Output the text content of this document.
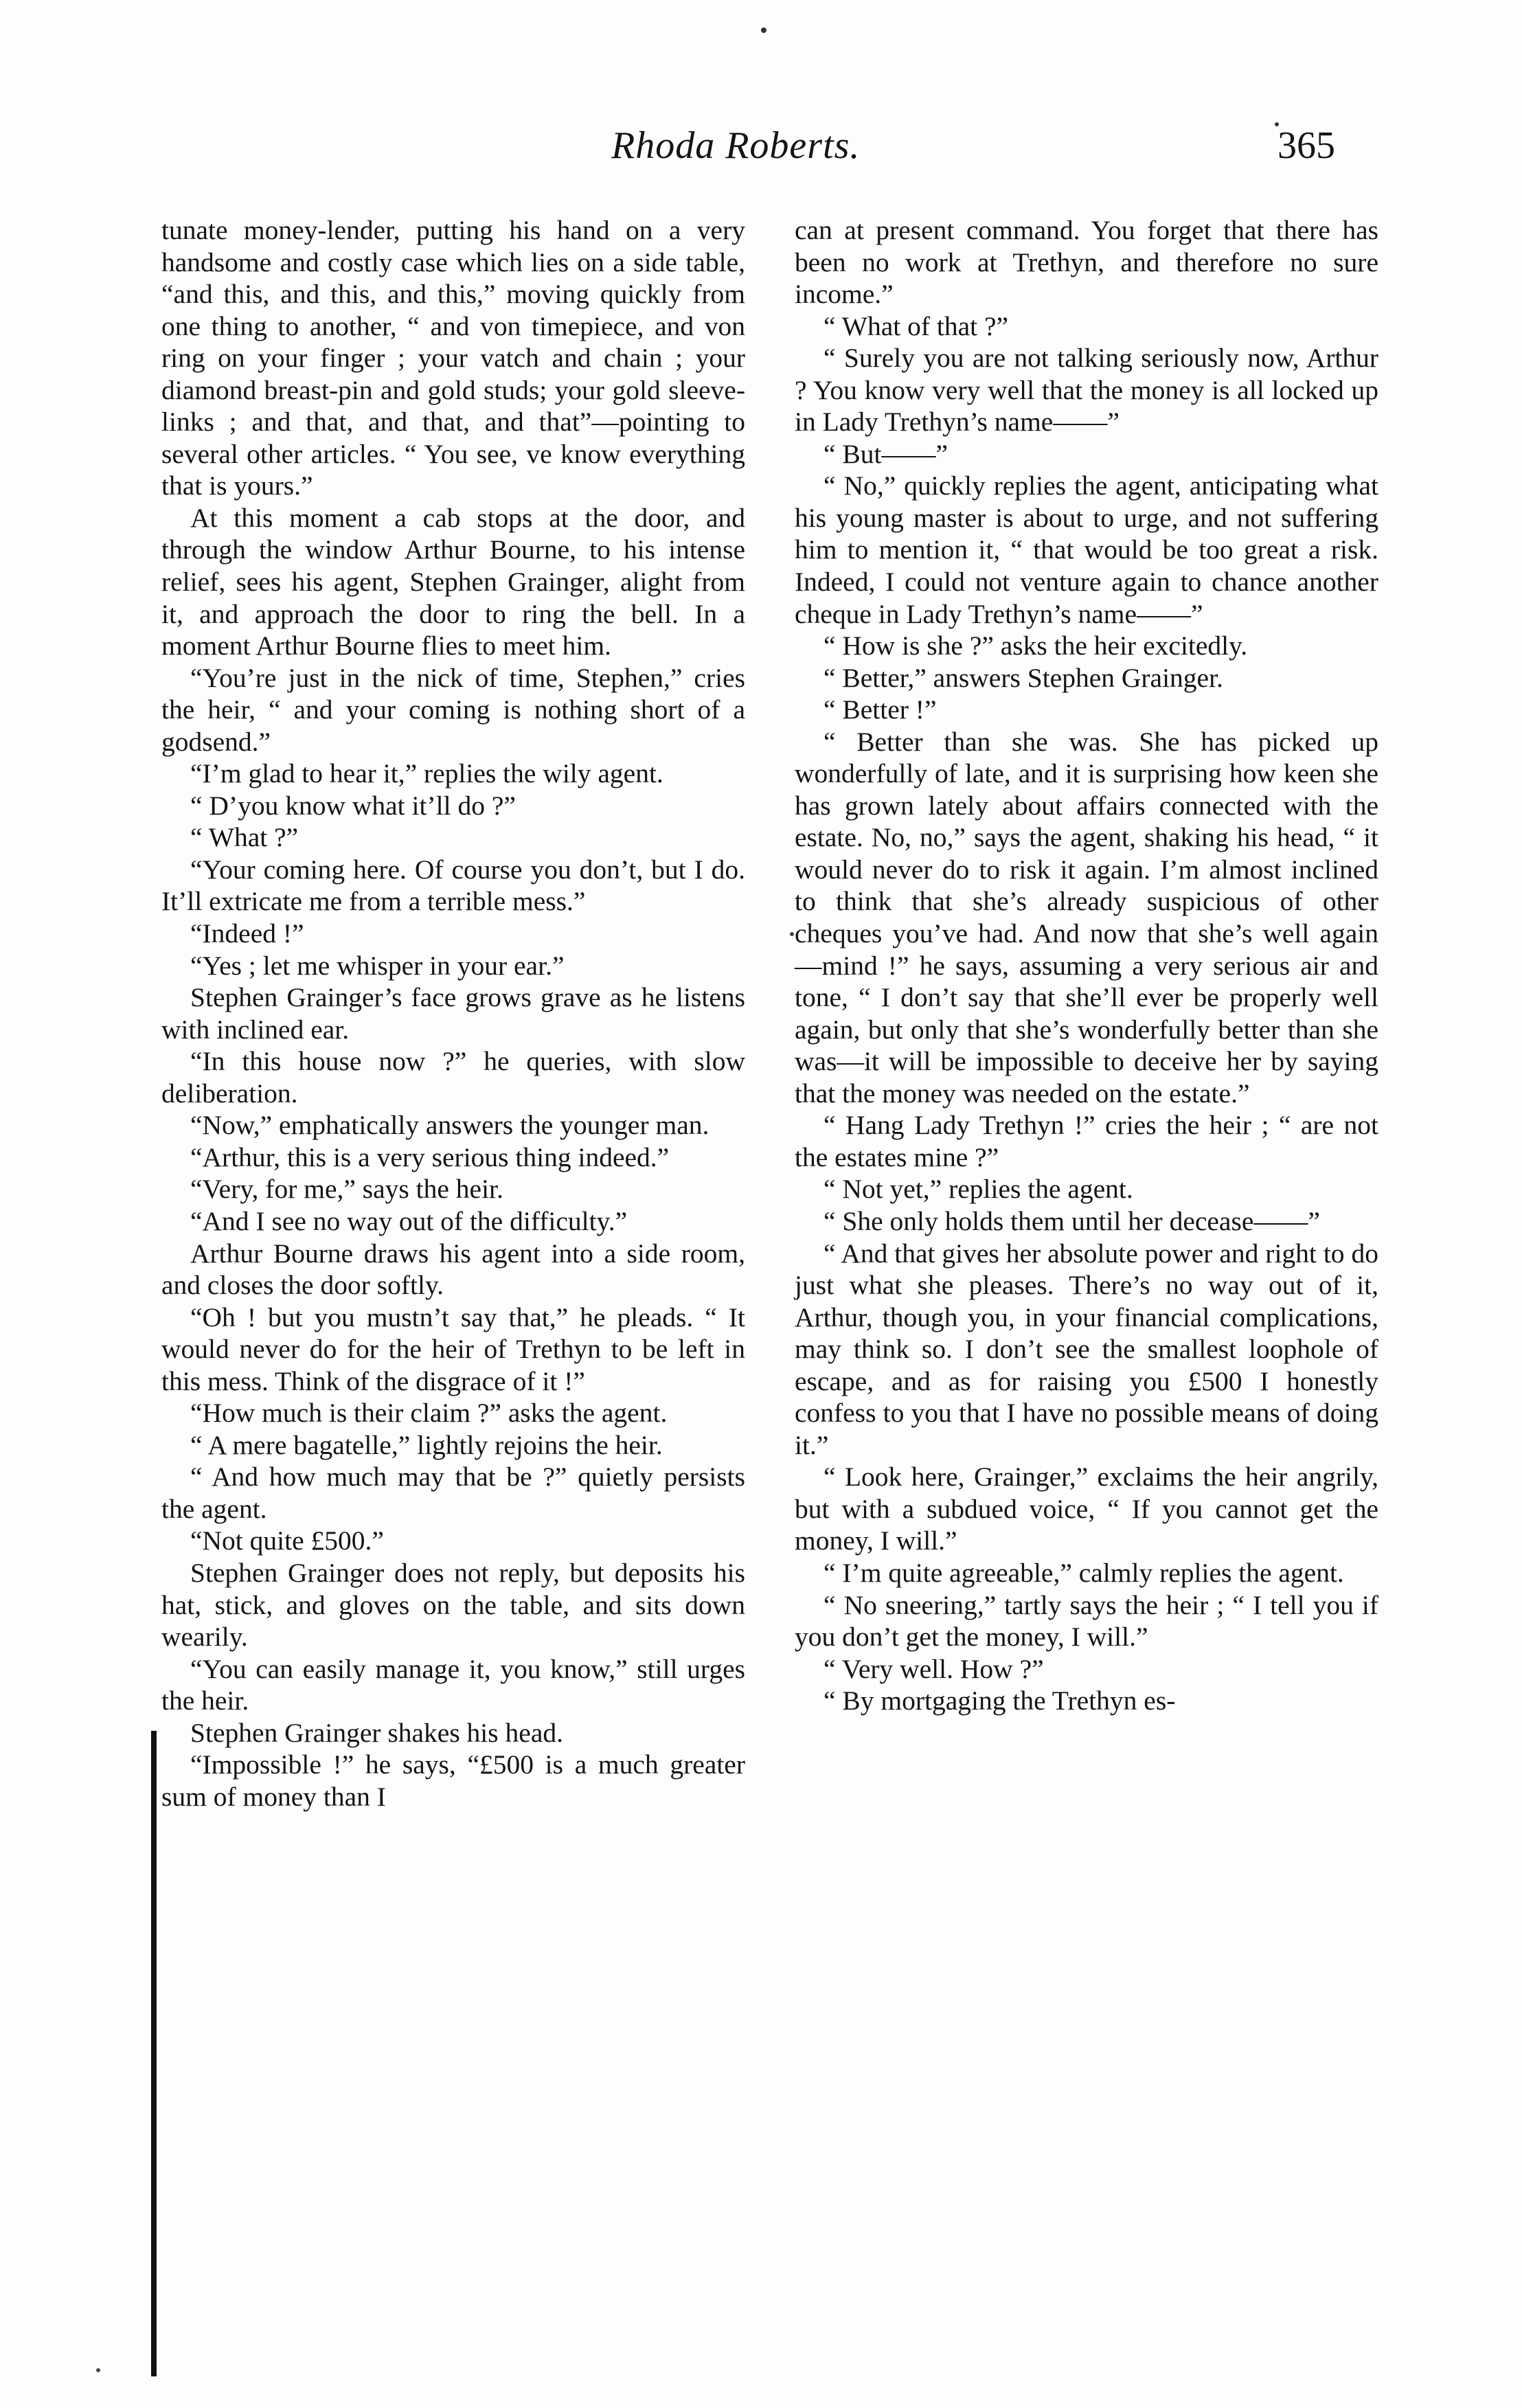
Rhoda Roberts.	365

tunate money-lender, putting his hand on a very handsome and costly case which lies on a side table, “and this, and this, and this,” moving quickly from one thing to another, “ and von timepiece, and von ring on your finger ; your vatch and chain ; your diamond breast-pin and gold studs; your gold sleeve-links ; and that, and that, and that”—pointing to several other articles. “ You see, ve know everything that is yours.”

At this moment a cab stops at the door, and through the window Arthur Bourne, to his intense relief, sees his agent, Stephen Grainger, alight from it, and approach the door to ring the bell. In a moment Arthur Bourne flies to meet him.

“You’re just in the nick of time, Stephen,” cries the heir, “ and your coming is nothing short of a godsend.”

“I’m glad to hear it,” replies the wily agent.

“ D’you know what it’ll do ?”

“ What ?”

“Your coming here. Of course you don’t, but I do. It’ll extricate me from a terrible mess.”

“Indeed !”

“Yes ; let me whisper in your ear.”

Stephen Grainger’s face grows grave as he listens with inclined ear.

“In this house now ?” he queries, with slow deliberation.

“Now,” emphatically answers the younger man.

“Arthur, this is a very serious thing indeed.”

“Very, for me,” says the heir.

“And I see no way out of the difficulty.”

Arthur Bourne draws his agent into a side room, and closes the door softly.

“Oh ! but you mustn’t say that,” he pleads. “ It would never do for the heir of Trethyn to be left in this mess. Think of the disgrace of it !”

“How much is their claim ?” asks the agent.

“ A mere bagatelle,” lightly rejoins the heir.

“ And how much may that be ?” quietly persists the agent.

“Not quite £500.”

Stephen Grainger does not reply, but deposits his hat, stick, and gloves on the table, and sits down wearily.

“You can easily manage it, you know,” still urges the heir.

Stephen Grainger shakes his head.

“Impossible !” he says, “£500 is a much greater sum of money than I

can at present command. You forget that there has been no work at Trethyn, and therefore no sure income.”

“ What of that ?”

“ Surely you are not talking seriously now, Arthur ? You know very well that the money is all locked up in Lady Trethyn’s name——”

“ But——”

“ No,” quickly replies the agent, anticipating what his young master is about to urge, and not suffering him to mention it, “ that would be too great a risk. Indeed, I could not venture again to chance another cheque in Lady Trethyn’s name——”

“ How is she ?” asks the heir excitedly.

“ Better,” answers Stephen Grainger.

“ Better !”

“ Better than she was. She has picked up wonderfully of late, and it is surprising how keen she has grown lately about affairs connected with the estate. No, no,” says the agent, shaking his head, “ it would never do to risk it again. I’m almost inclined to think that she’s already suspicious of other cheques you’ve had. And now that she’s well again —mind !” he says, assuming a very serious air and tone, “ I don’t say that she’ll ever be properly well again, but only that she’s wonderfully better than she was—it will be impossible to deceive her by saying that the money was needed on the estate.”

“ Hang Lady Trethyn !” cries the heir ; “ are not the estates mine ?”

“ Not yet,” replies the agent.

“ She only holds them until her decease——”

“ And that gives her absolute power and right to do just what she pleases. There’s no way out of it, Arthur, though you, in your financial complications, may think so. I don’t see the smallest loophole of escape, and as for raising you £500 I honestly confess to you that I have no possible means of doing it.”

“ Look here, Grainger,” exclaims the heir angrily, but with a subdued voice, “ If you cannot get the money, I will.”

“ I’m quite agreeable,” calmly replies the agent.

“ No sneering,” tartly says the heir ; “ I tell you if you don’t get the money, I will.”

“ Very well. How ?”

“ By mortgaging the Trethyn es-
